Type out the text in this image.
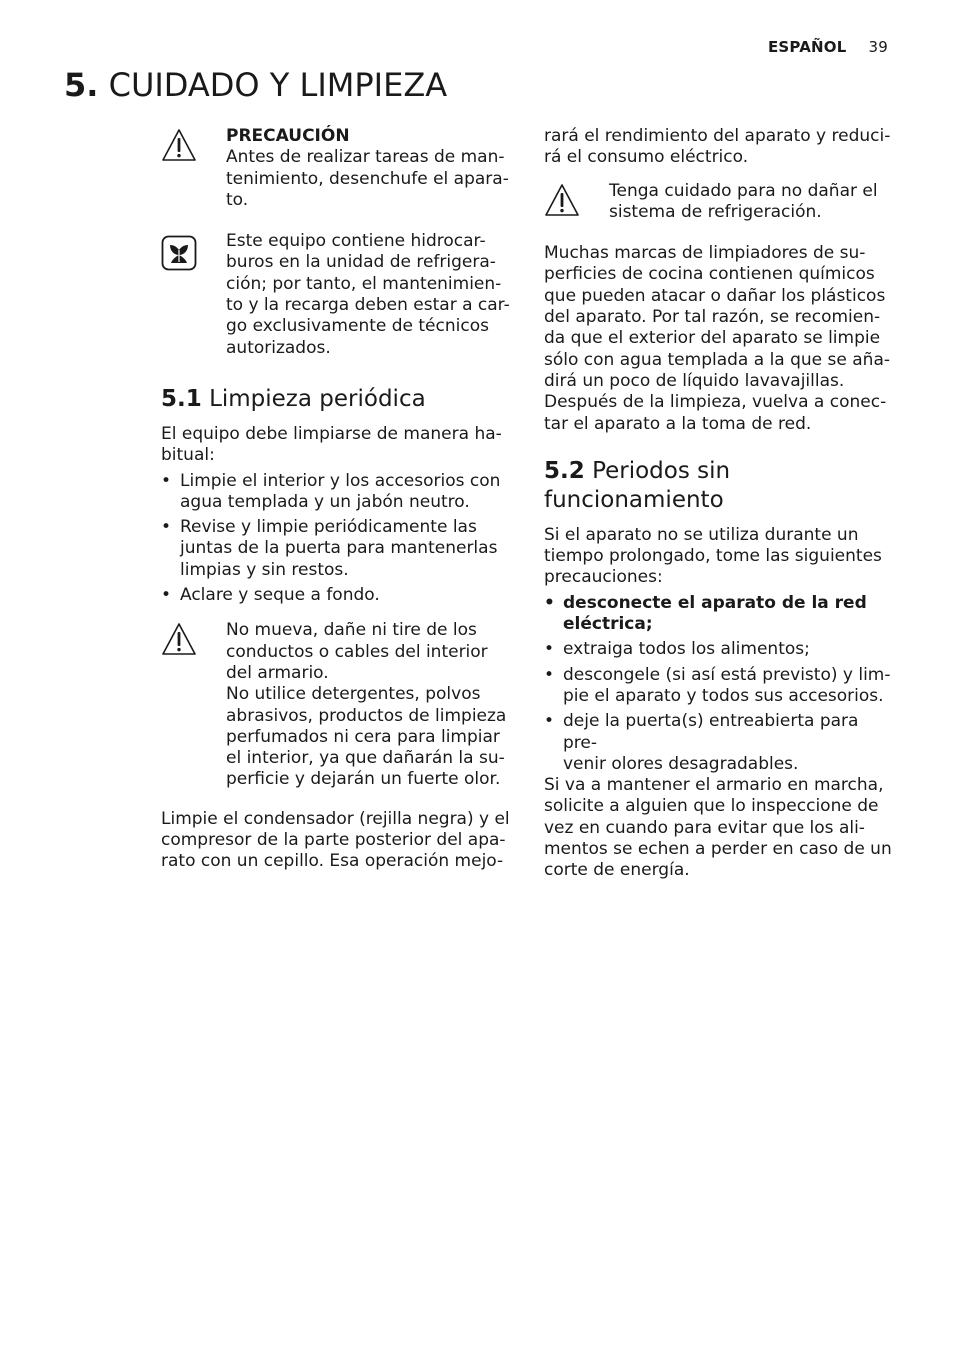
ESPAÑOL 39
5. CUIDADO Y LIMPIEZA
PRECAUCIÓN
Antes de realizar tareas de man-
tenimiento, desenchufe el apara-
to.
Este equipo contiene hidrocar-
buros en la unidad de refrigera-
ción; por tanto, el mantenimien-
to y la recarga deben estar a car-
go exclusivamente de técnicos
autorizados.
5.1 Limpieza periódica
El equipo debe limpiarse de manera ha-
bitual:
• Limpie el interior y los accesorios con
agua templada y un jabón neutro.
• Revise y limpie periódicamente las
juntas de la puerta para mantenerlas
limpias y sin restos.
• Aclare y seque a fondo.
No mueva, dañe ni tire de los
conductos o cables del interior
del armario.
No utilice detergentes, polvos
abrasivos, productos de limpieza
perfumados ni cera para limpiar
el interior, ya que dañarán la su-
perficie y dejarán un fuerte olor.
Limpie el condensador (rejilla negra) y el
compresor de la parte posterior del apa-
rato con un cepillo. Esa operación mejo-
rará el rendimiento del aparato y reduci-
rá el consumo eléctrico.
Tenga cuidado para no dañar el
sistema de refrigeración.
Muchas marcas de limpiadores de su-
perficies de cocina contienen químicos
que pueden atacar o dañar los plásticos
del aparato. Por tal razón, se recomien-
da que el exterior del aparato se limpie
sólo con agua templada a la que se aña-
dirá un poco de líquido lavavajillas.
Después de la limpieza, vuelva a conec-
tar el aparato a la toma de red.
5.2 Periodos sin
funcionamiento
Si el aparato no se utiliza durante un
tiempo prolongado, tome las siguientes
precauciones:
• desconecte el aparato de la red
eléctrica;
• extraiga todos los alimentos;
• descongele (si así está previsto) y lim-
pie el aparato y todos sus accesorios.
• deje la puerta(s) entreabierta para pre-
venir olores desagradables.
Si va a mantener el armario en marcha,
solicite a alguien que lo inspeccione de
vez en cuando para evitar que los ali-
mentos se echen a perder en caso de un
corte de energía.
